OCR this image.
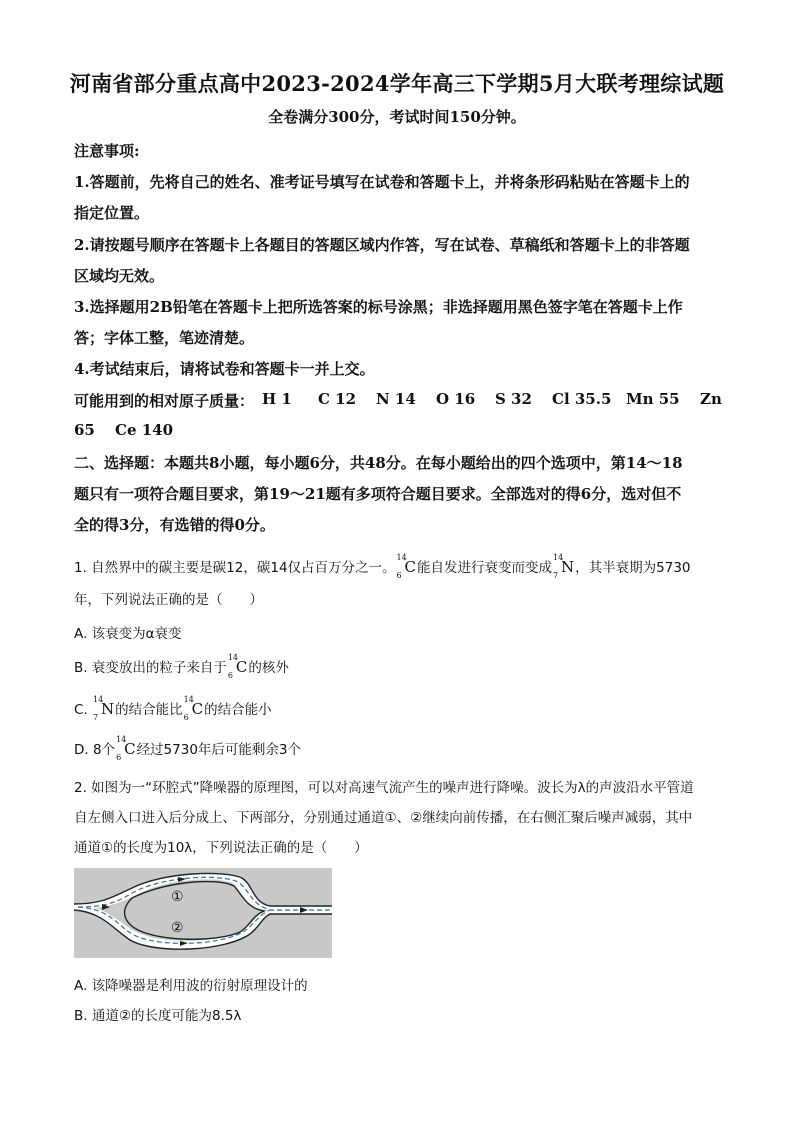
河南省部分重点高中2023-2024学年高三下学期5月大联考理综试题
全卷满分300分，考试时间150分钟。
注意事项:
1.答题前，先将自己的姓名、准考证号填写在试卷和答题卡上，并将条形码粘贴在答题卡上的
指定位置。
2.请按题号顺序在答题卡上各题目的答题区域内作答，写在试卷、草稿纸和答题卡上的非答题
区域均无效。
3.选择题用2B铅笔在答题卡上把所选答案的标号涂黑；非选择题用黑色签字笔在答题卡上作
答；字体工整，笔迹清楚。
4.考试结束后，请将试卷和答题卡一并上交。
可能用到的相对原子质量： H 1 C 12 N 14 O 16 S 32 Cl 35.5 Mn 55 Zn
65 Ce 140
二、选择题：本题共8小题，每小题6分，共48分。在每小题给出的四个选项中，第14～18
题只有一项符合题目要求，第19～21题有多项符合题目要求。全部选对的得6分，选对但不
全的得3分，有选错的得0分。
1. 自然界中的碳主要是碳12，碳14仅占百万分之一。
14
6 C能自发进行衰变而变成
14
7 N，其半衰期为5730
年，下列说法正确的是（　　）
A. 该衰变为α衰变
B. 衰变放出的粒子来自于
14
6 C的核外
C.
14
7 N的结合能比
14
6 C的结合能小
D. 8个
14
6 C经过5730年后可能剩余3个
2. 如图为一“环腔式”降噪器的原理图，可以对高速气流产生的噪声进行降噪。波长为λ的声波沿水平管道
自左侧入口进入后分成上、下两部分，分别通过通道①、②继续向前传播，在右侧汇聚后噪声减弱，其中
通道①的长度为10λ，下列说法正确的是（　　）
①
②
A. 该降噪器是利用波的衍射原理设计的
B. 通道②的长度可能为8.5λ
